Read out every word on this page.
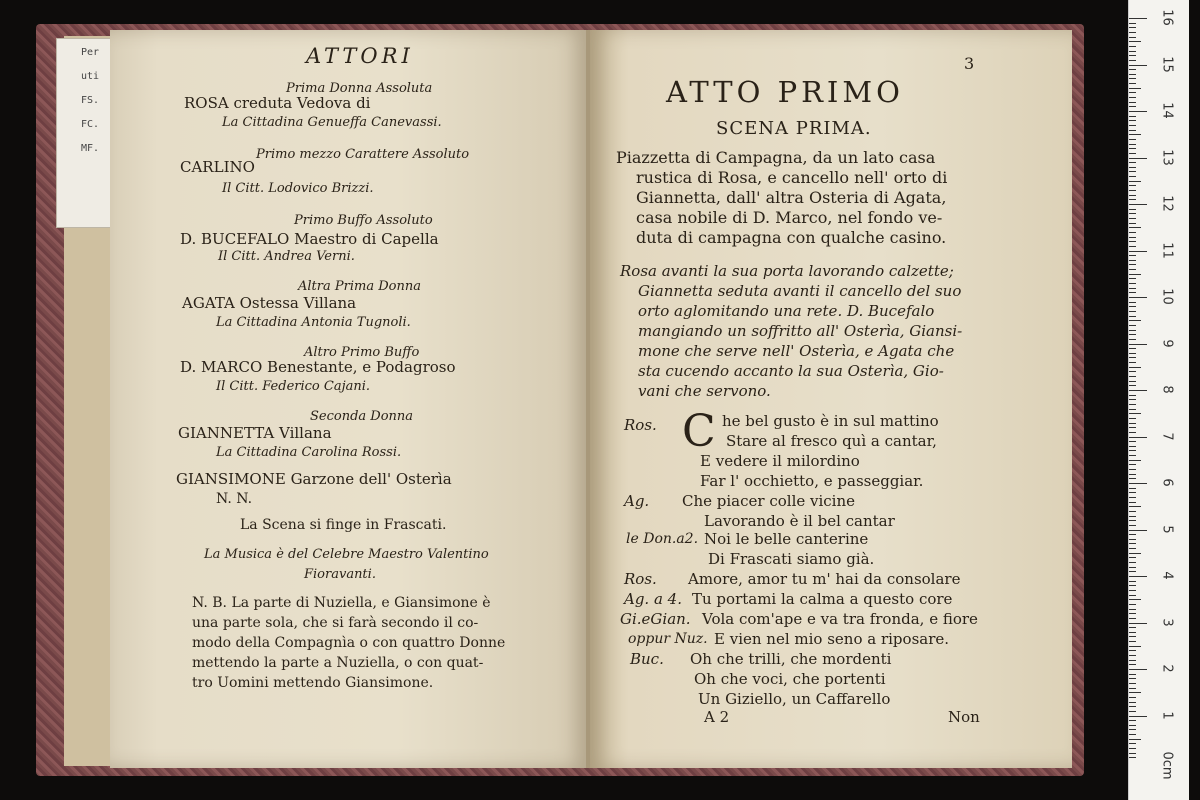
Per
uti
FS.
FC.
MF.
ATTORI
Prima Donna Assoluta
ROSA creduta Vedova di
La Cittadina Genueffa Canevassi.
Primo mezzo Carattere Assoluto
CARLINO
Il Citt. Lodovico Brizzi.
Primo Buffo Assoluto
D. BUCEFALO Maestro di Capella
Il Citt. Andrea Verni.
Altra Prima Donna
AGATA Ostessa Villana
La Cittadina Antonia Tugnoli.
Altro Primo Buffo
D. MARCO Benestante, e Podagroso
Il Citt. Federico Cajani.
Seconda Donna
GIANNETTA Villana
La Cittadina Carolina Rossi.
GIANSIMONE Garzone dell' Osterìa
N. N.
La Scena si finge in Frascati.
La Musica è del Celebre Maestro Valentino
Fioravanti.
N. B. La parte di Nuziella, e Giansimone è
una parte sola, che si farà secondo il co-
modo della Compagnìa o con quattro Donne
mettendo la parte a Nuziella, o con quat-
tro Uomini mettendo Giansimone.
3
ATTO PRIMO
SCENA PRIMA.
Piazzetta di Campagna, da un lato casa
rustica di Rosa, e cancello nell' orto di
Giannetta, dall' altra Osteria di Agata,
casa nobile di D. Marco, nel fondo ve-
duta di campagna con qualche casino.
Rosa avanti la sua porta lavorando calzette;
Giannetta seduta avanti il cancello del suo
orto aglomitando una rete. D. Bucefalo
mangiando un soffritto all' Osterìa, Giansi-
mone che serve nell' Osterìa, e Agata che
sta cucendo accanto la sua Osterìa, Gio-
vani che servono.
C
Ros.	he bel gusto è in sul mattino
Stare al fresco quì a cantar,
E vedere il milordino
Far l' occhietto, e passeggiar.
Ag. Che piacer colle vicine
Lavorando è il bel cantar
le Don.a2. Noi le belle canterine
Di Frascati siamo già.
Ros. Amore, amor tu m' hai da consolare
Ag. a 4. Tu portami la calma a questo core
Gi.eGian. Vola com'ape e va tra fronda, e fiore
oppur Nuz. E vien nel mio seno a riposare.
Buc. Oh che trilli, che mordenti
Oh che voci, che portenti
Un Giziello, un Caffarello
A 2	Non
16
15
14
13
12
11
10
9
8
7
6
5
4
3
2
1
0cm
